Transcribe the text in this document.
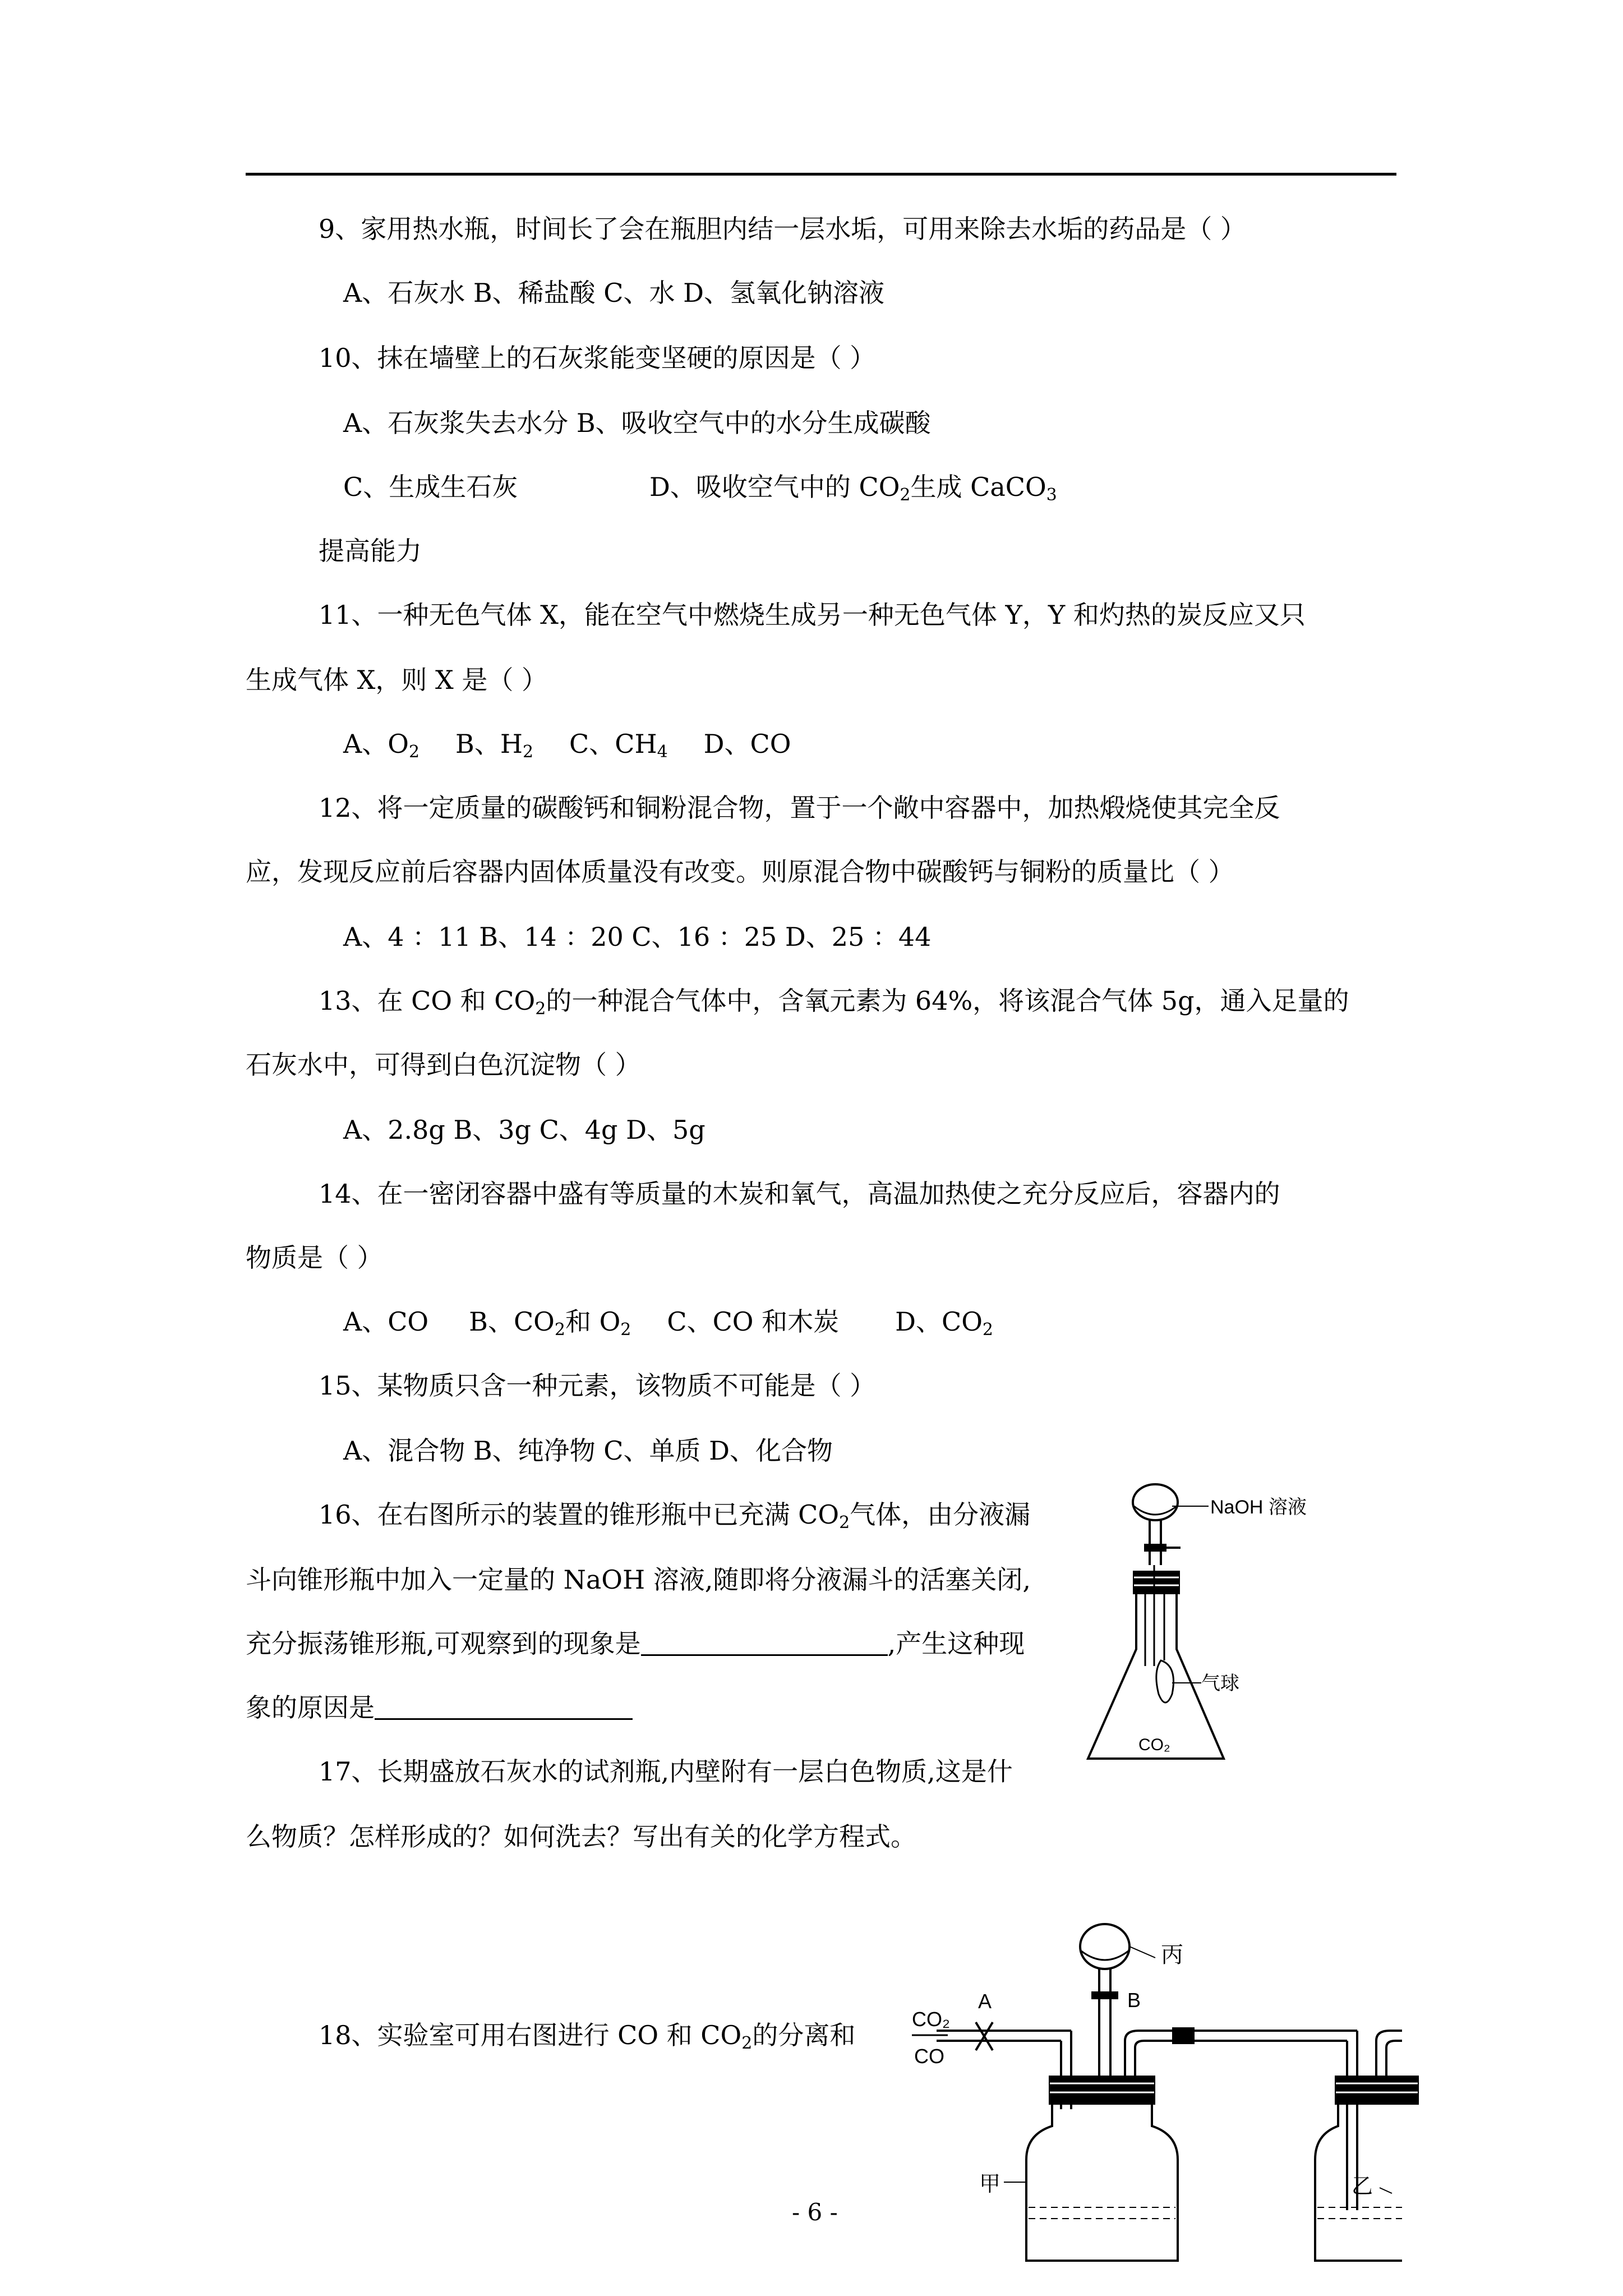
9、家用热水瓶，时间长了会在瓶胆内结一层水垢，可用来除去水垢的药品是（ ）
A、石灰水 B、稀盐酸 C、水 D、氢氧化钠溶液
10、抹在墙壁上的石灰浆能变坚硬的原因是（ ）
A、石灰浆失去水分 B、吸收空气中的水分生成碳酸
C、生成生石灰	D、吸收空气中的 $CO_2$生成 CaCO$_3$
提高能力
11、一种无色气体 X，能在空气中燃烧生成另一种无色气体 Y，Y 和灼热的炭反应又只
生成气体 X，则 X 是（ ）
A、$O_2$ B、$H_2$ C、$CH_4$ D、CO
12、将一定质量的碳酸钙和铜粉混合物，置于一个敞中容器中，加热煅烧使其完全反
应，发现反应前后容器内固体质量没有改变。则原混合物中碳酸钙与铜粉的质量比（ ）
A、4 ：11 B、14 ：20 C、16 ：25 D、25 ：44
13、在 CO 和 $CO_2$的一种混合气体中，含氧元素为 64%，将该混合气体 5g，通入足量的
石灰水中，可得到白色沉淀物（ ）
A、2.8g B、3g C、4g D、5g
14、在一密闭容器中盛有等质量的木炭和氧气，高温加热使之充分反应后，容器内的
物质是（ ）
A、CO B、$CO_2$和 $O_2$ C、CO 和木炭 D、$CO_2$
15、某物质只含一种元素，该物质不可能是（ ）
A、混合物 B、纯净物 C、单质 D、化合物
16、在右图所示的装置的锥形瓶中已充满 $CO_2$气体，由分液漏
斗向锥形瓶中加入一定量的 NaOH 溶液,随即将分液漏斗的活塞关闭,
充分振荡锥形瓶,可观察到的现象是	,产生这种现
象的原因是
NaOH 溶液
气球
CO₂
17、长期盛放石灰水的试剂瓶,内壁附有一层白色物质,这是什
么物质？怎样形成的？如何洗去？写出有关的化学方程式。
18、实验室可用右图进行 CO 和 $CO_2$的分离和
丙
A	B
CO₂
CO
甲	乙
- 6 -
